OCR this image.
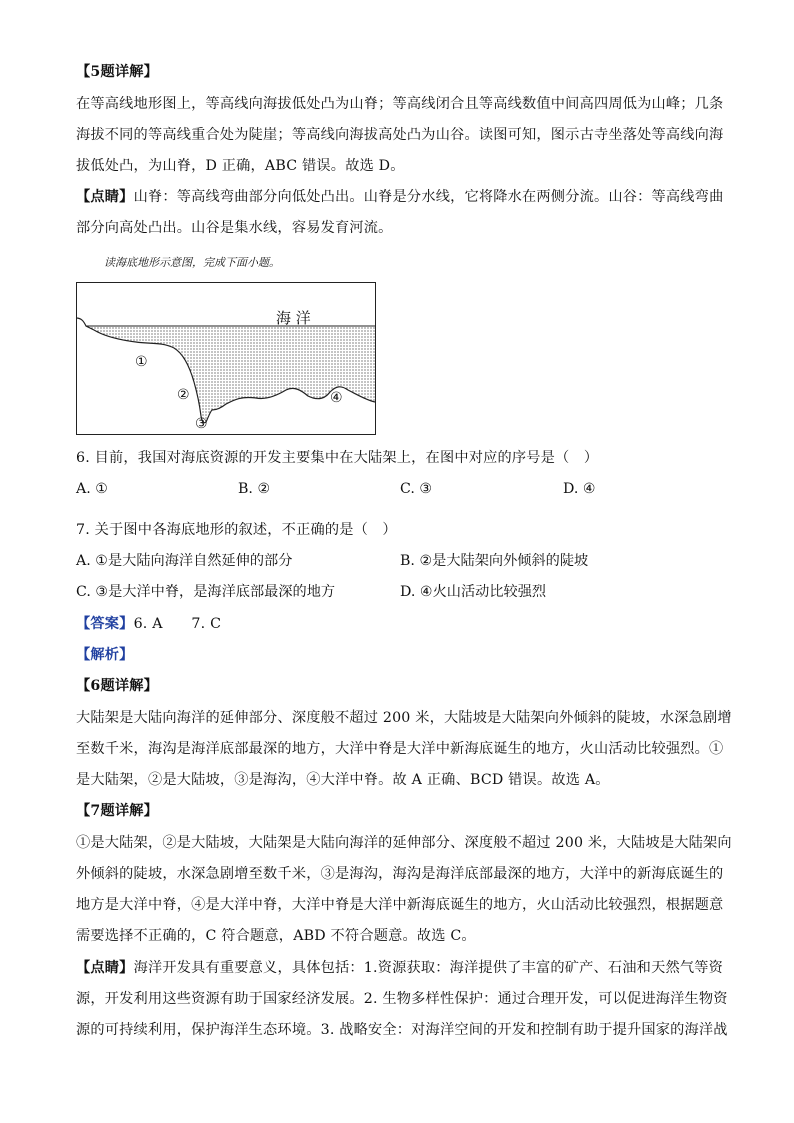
【5题详解】
在等高线地形图上，等高线向海拔低处凸为山脊；等高线闭合且等高线数值中间高四周低为山峰；几条
海拔不同的等高线重合处为陡崖；等高线向海拔高处凸为山谷。读图可知，图示古寺坐落处等高线向海
拔低处凸，为山脊，D 正确，ABC 错误。故选 D。
【点睛】山脊：等高线弯曲部分向低处凸出。山脊是分水线，它将降水在两侧分流。山谷：等高线弯曲
部分向高处凸出。山谷是集水线，容易发育河流。
读海底地形示意图，完成下面小题。
海 洋
①
②
③
④
6. 目前，我国对海底资源的开发主要集中在大陆架上，在图中对应的序号是（　）
A. ①	B. ②	C. ③	D. ④
7. 关于图中各海底地形的叙述，不正确的是（　）
A. ①是大陆向海洋自然延伸的部分	B. ②是大陆架向外倾斜的陡坡
C. ③是大洋中脊，是海洋底部最深的地方	D. ④火山活动比较强烈
【答案】6. A　　7. C
【解析】
【6题详解】
大陆架是大陆向海洋的延伸部分、深度般不超过 200 米，大陆坡是大陆架向外倾斜的陡坡，水深急剧增
至数千米，海沟是海洋底部最深的地方，大洋中脊是大洋中新海底诞生的地方，火山活动比较强烈。①
是大陆架，②是大陆坡，③是海沟，④大洋中脊。故 A 正确、BCD 错误。故选 A。
【7题详解】
①是大陆架，②是大陆坡，大陆架是大陆向海洋的延伸部分、深度般不超过 200 米，大陆坡是大陆架向
外倾斜的陡坡，水深急剧增至数千米，③是海沟，海沟是海洋底部最深的地方，大洋中的新海底诞生的
地方是大洋中脊，④是大洋中脊，大洋中脊是大洋中新海底诞生的地方，火山活动比较强烈，根据题意
需要选择不正确的，C 符合题意，ABD 不符合题意。故选 C。
【点睛】海洋开发具有重要意义，具体包括：1.资源获取：海洋提供了丰富的矿产、石油和天然气等资
源，开发利用这些资源有助于国家经济发展。2. 生物多样性保护：通过合理开发，可以促进海洋生物资
源的可持续利用，保护海洋生态环境。3. 战略安全：对海洋空间的开发和控制有助于提升国家的海洋战
